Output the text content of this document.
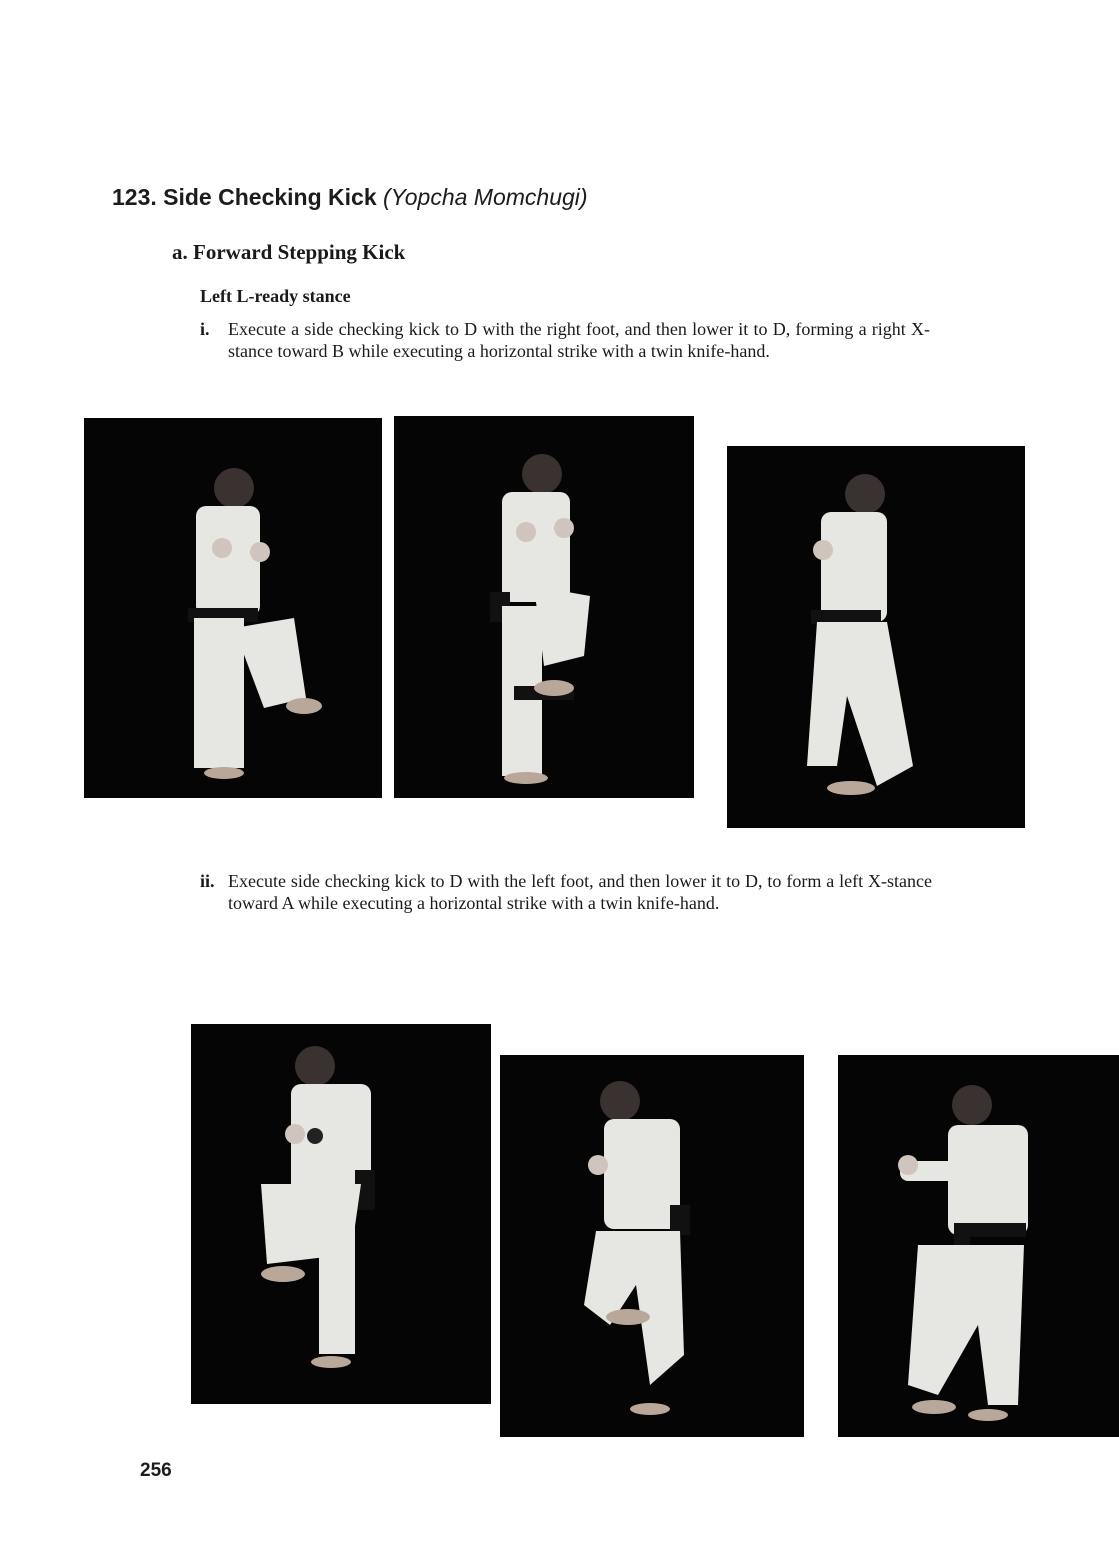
123. Side Checking Kick (Yopcha Momchugi)
a. Forward Stepping Kick
Left L-ready stance
i. Execute a side checking kick to D with the right foot, and then lower it to D, forming a right X-stance toward B while executing a horizontal strike with a twin knife-hand.
ii. Execute side checking kick to D with the left foot, and then lower it to D, to form a left X-stance toward A while executing a horizontal strike with a twin knife-hand.
256
